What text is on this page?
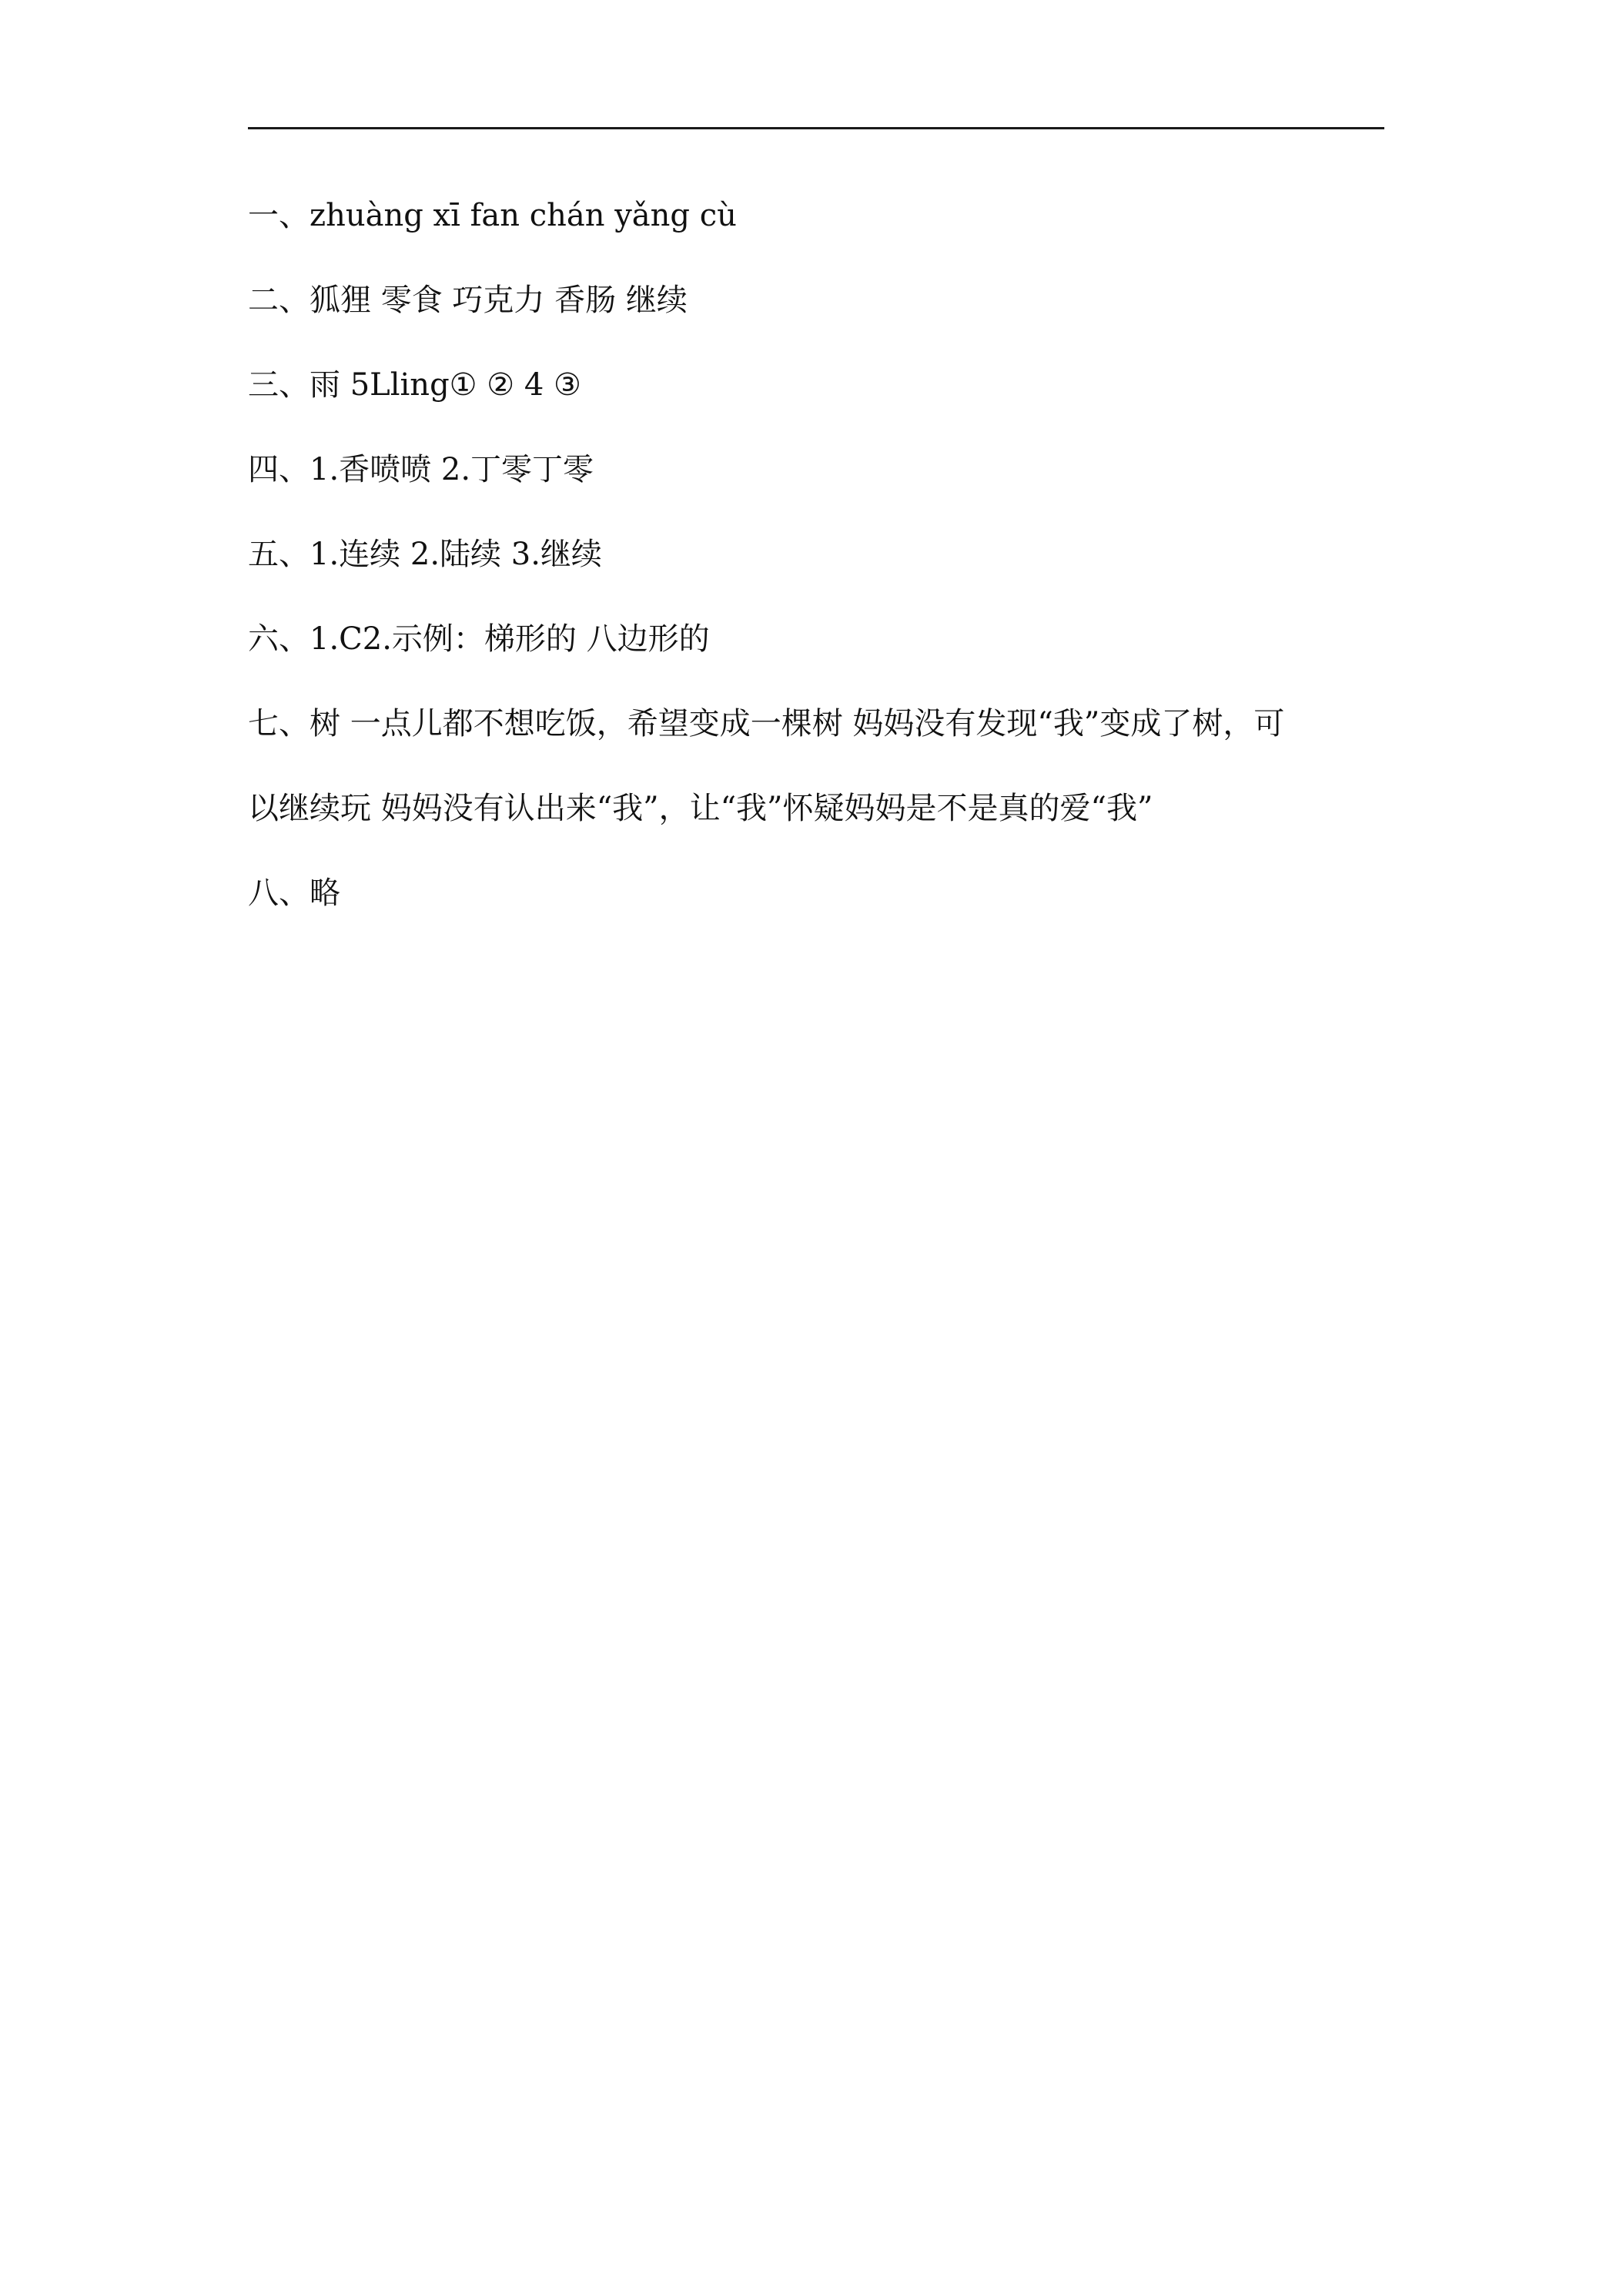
一、zhuàng xī fan chán yǎng cù
二、狐狸 零食 巧克力 香肠 继续
三、雨 5Lling① ② 4 ③
四、1.香喷喷 2.丁零丁零
五、1.连续 2.陆续 3.继续
六、1.C2.示例：梯形的 八边形的
七、树 一点儿都不想吃饭，希望变成一棵树 妈妈没有发现“我”变成了树，可
以继续玩 妈妈没有认出来“我”，让“我”怀疑妈妈是不是真的爱“我”
八、略
